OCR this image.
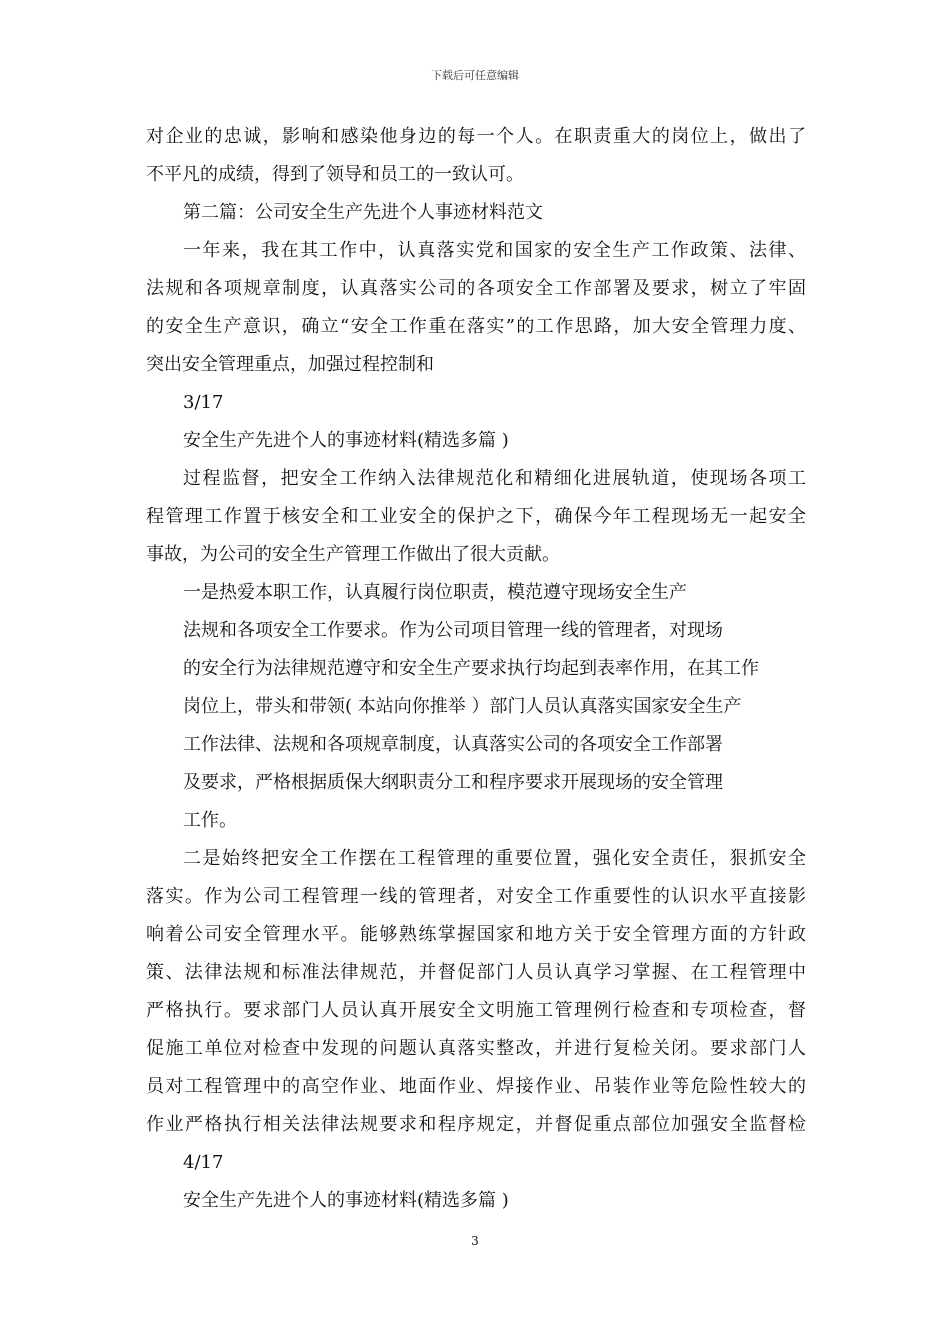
下载后可任意编辑
对企业的忠诚，影响和感染他身边的每一个人。在职责重大的岗位上，做出了
不平凡的成绩，得到了领导和员工的一致认可。
第二篇：公司安全生产先进个人事迹材料范文
一年来，我在其工作中，认真落实党和国家的安全生产工作政策、法律、
法规和各项规章制度，认真落实公司的各项安全工作部署及要求，树立了牢固
的安全生产意识，确立“安全工作重在落实”的工作思路，加大安全管理力度、
突出安全管理重点，加强过程控制和
3/17
安全生产先进个人的事迹材料(精选多篇 )
过程监督，把安全工作纳入法律规范化和精细化进展轨道，使现场各项工
程管理工作置于核安全和工业安全的保护之下，确保今年工程现场无一起安全
事故，为公司的安全生产管理工作做出了很大贡献。
一是热爱本职工作，认真履行岗位职责，模范遵守现场安全生产
法规和各项安全工作要求。作为公司项目管理一线的管理者，对现场
的安全行为法律规范遵守和安全生产要求执行均起到表率作用，在其工作
岗位上，带头和带领( 本站向你推举 ）部门人员认真落实国家安全生产
工作法律、法规和各项规章制度，认真落实公司的各项安全工作部署
及要求，严格根据质保大纲职责分工和程序要求开展现场的安全管理
工作。
二是始终把安全工作摆在工程管理的重要位置，强化安全责任，狠抓安全
落实。作为公司工程管理一线的管理者，对安全工作重要性的认识水平直接影
响着公司安全管理水平。能够熟练掌握国家和地方关于安全管理方面的方针政
策、法律法规和标准法律规范，并督促部门人员认真学习掌握、在工程管理中
严格执行。要求部门人员认真开展安全文明施工管理例行检查和专项检查，督
促施工单位对检查中发现的问题认真落实整改，并进行复检关闭。要求部门人
员对工程管理中的高空作业、地面作业、焊接作业、吊装作业等危险性较大的
作业严格执行相关法律法规要求和程序规定，并督促重点部位加强安全监督检
4/17
安全生产先进个人的事迹材料(精选多篇 )
3
